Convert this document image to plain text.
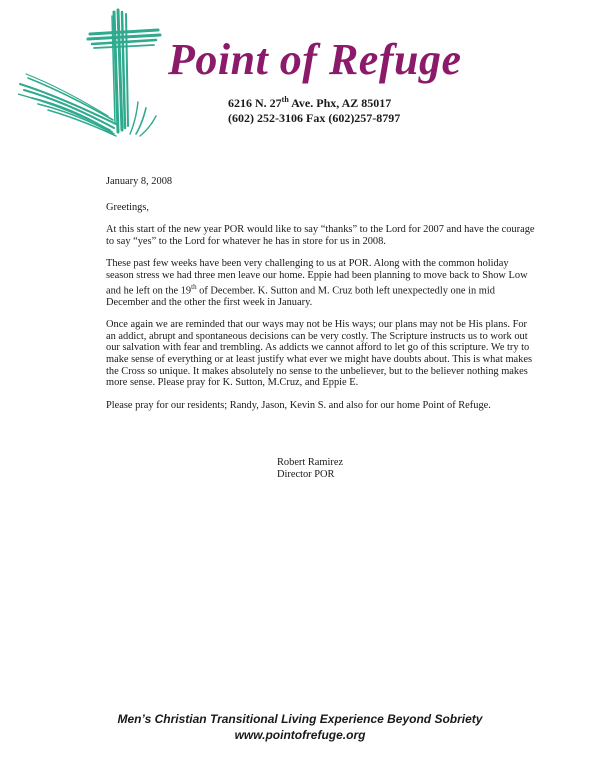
Point of Refuge
6216 N. 27th Ave. Phx, AZ 85017
(602) 252-3106 Fax (602)257-8797

January 8, 2008

Greetings,

At this start of the new year POR would like to say “thanks” to the Lord for 2007 and have the courage to say “yes” to the Lord for whatever he has in store for us in 2008.

These past few weeks have been very challenging to us at POR. Along with the common holiday season stress we had three men leave our home. Eppie had been planning to move back to Show Low and he left on the 19th of December. K. Sutton and M. Cruz both left unexpectedly one in mid December and the other the first week in January.

Once again we are reminded that our ways may not be His ways; our plans may not be His plans. For an addict, abrupt and spontaneous decisions can be very costly. The Scripture instructs us to work out our salvation with fear and trembling. As addicts we cannot afford to let go of this scripture. We try to make sense of everything or at least justify what ever we might have doubts about. This is what makes the Cross so unique. It makes absolutely no sense to the unbeliever, but to the believer nothing makes more sense. Please pray for K. Sutton, M.Cruz, and Eppie E.

Please pray for our residents; Randy, Jason, Kevin S. and also for our home Point of Refuge.

Robert Ramirez
Director POR
Men’s Christian Transitional Living Experience Beyond Sobriety
www.pointofrefuge.org
